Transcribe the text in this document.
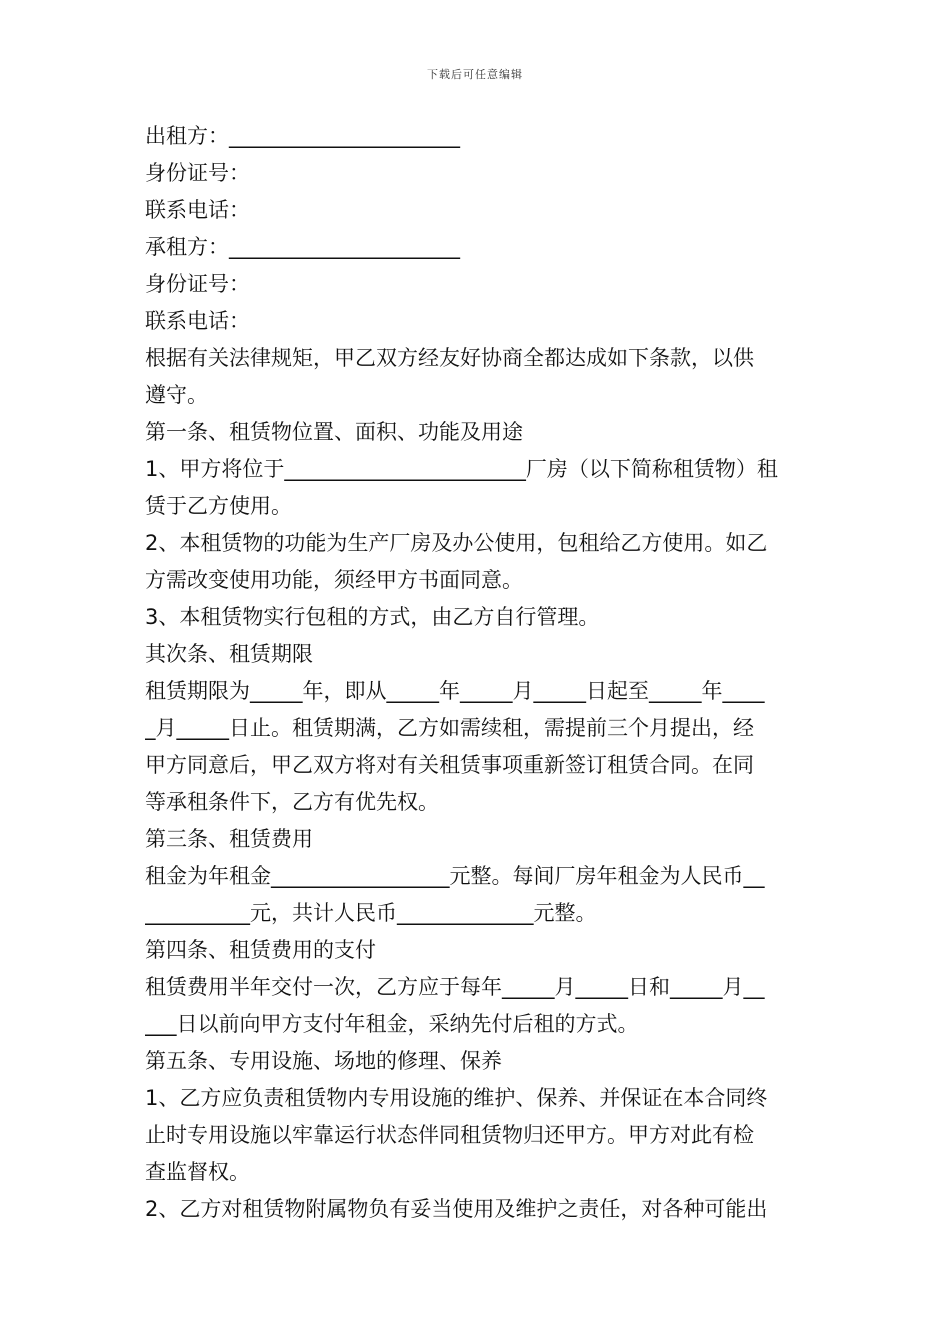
下载后可任意编辑
出租方：______________________
身份证号：
联系电话：
承租方：______________________
身份证号：
联系电话：
根据有关法律规矩，甲乙双方经友好协商全都达成如下条款，以供
遵守。
第一条、租赁物位置、面积、功能及用途
1、甲方将位于_______________________厂房（以下简称租赁物）租
赁于乙方使用。
2、本租赁物的功能为生产厂房及办公使用，包租给乙方使用。如乙
方需改变使用功能，须经甲方书面同意。
3、本租赁物实行包租的方式，由乙方自行管理。
其次条、租赁期限
租赁期限为_____年，即从_____年_____月_____日起至_____年____
_月_____日止。租赁期满，乙方如需续租，需提前三个月提出，经
甲方同意后，甲乙双方将对有关租赁事项重新签订租赁合同。在同
等承租条件下，乙方有优先权。
第三条、租赁费用
租金为年租金_________________元整。每间厂房年租金为人民币__
__________元，共计人民币_____________元整。
第四条、租赁费用的支付
租赁费用半年交付一次，乙方应于每年_____月_____日和_____月__
___日以前向甲方支付年租金，采纳先付后租的方式。
第五条、专用设施、场地的修理、保养
1、乙方应负责租赁物内专用设施的维护、保养、并保证在本合同终
止时专用设施以牢靠运行状态伴同租赁物归还甲方。甲方对此有检
查监督权。
2、乙方对租赁物附属物负有妥当使用及维护之责任，对各种可能出
